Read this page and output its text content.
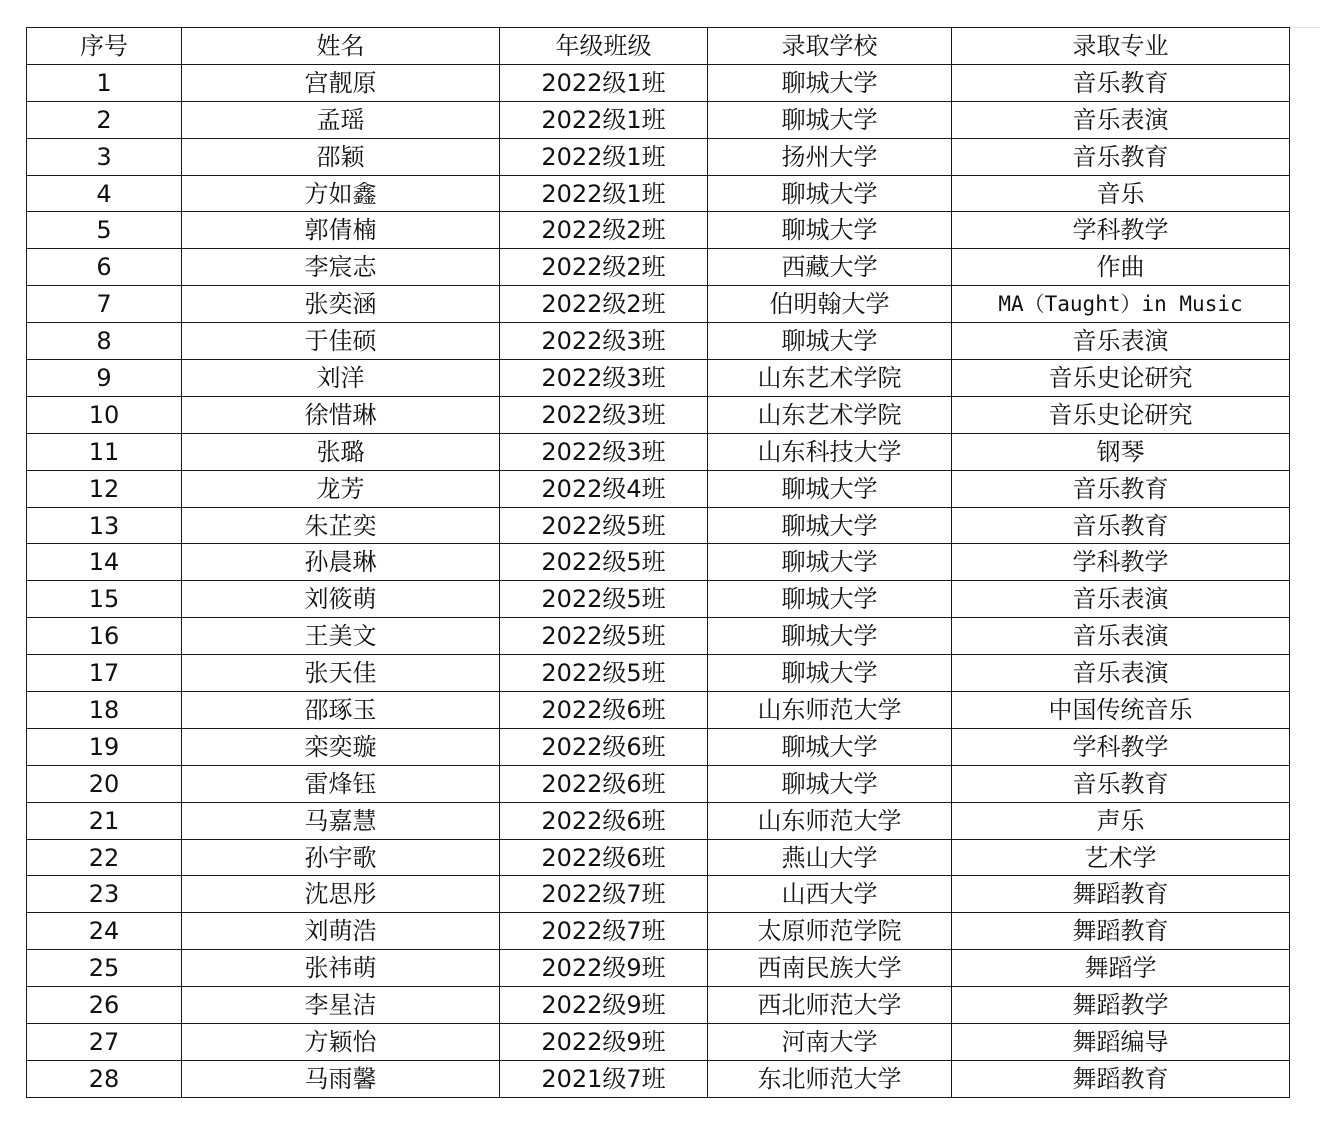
序号	姓名	年级班级	录取学校	录取专业
1	宫靓原	2022级1班	聊城大学	音乐教育
2	孟瑶	2022级1班	聊城大学	音乐表演
3	邵颖	2022级1班	扬州大学	音乐教育
4	方如鑫	2022级1班	聊城大学	音乐
5	郭倩楠	2022级2班	聊城大学	学科教学
6	李宸志	2022级2班	西藏大学	作曲
7	张奕涵	2022级2班	伯明翰大学	MA（Taught）in Music
8	于佳硕	2022级3班	聊城大学	音乐表演
9	刘洋	2022级3班	山东艺术学院	音乐史论研究
10	徐惜琳	2022级3班	山东艺术学院	音乐史论研究
11	张璐	2022级3班	山东科技大学	钢琴
12	龙芳	2022级4班	聊城大学	音乐教育
13	朱芷奕	2022级5班	聊城大学	音乐教育
14	孙晨琳	2022级5班	聊城大学	学科教学
15	刘筱萌	2022级5班	聊城大学	音乐表演
16	王美文	2022级5班	聊城大学	音乐表演
17	张天佳	2022级5班	聊城大学	音乐表演
18	邵琢玉	2022级6班	山东师范大学	中国传统音乐
19	栾奕璇	2022级6班	聊城大学	学科教学
20	雷烽钰	2022级6班	聊城大学	音乐教育
21	马嘉慧	2022级6班	山东师范大学	声乐
22	孙宇歌	2022级6班	燕山大学	艺术学
23	沈思彤	2022级7班	山西大学	舞蹈教育
24	刘萌浩	2022级7班	太原师范学院	舞蹈教育
25	张祎萌	2022级9班	西南民族大学	舞蹈学
26	李星洁	2022级9班	西北师范大学	舞蹈教学
27	方颖怡	2022级9班	河南大学	舞蹈编导
28	马雨馨	2021级7班	东北师范大学	舞蹈教育
